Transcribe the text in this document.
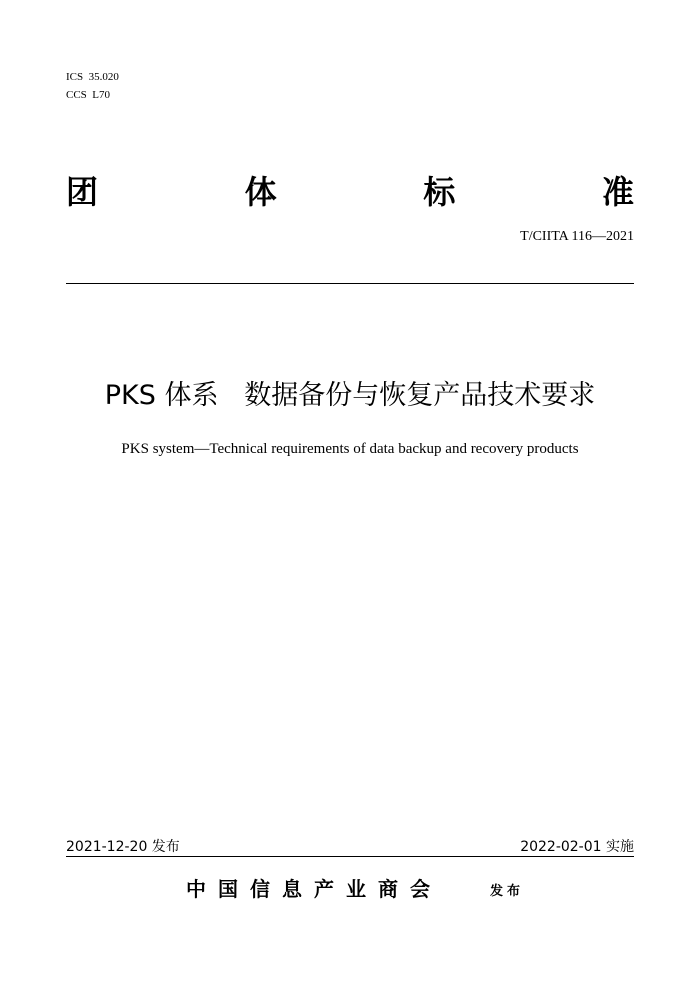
ICS  35.020
CCS  L70
团	体	标	准
T/CIITA 116—2021
PKS 体系   数据备份与恢复产品技术要求
PKS system—Technical requirements of data backup and recovery products
2021-12-20 发布	2022-02-01 实施
中国信息产业商会	发布
